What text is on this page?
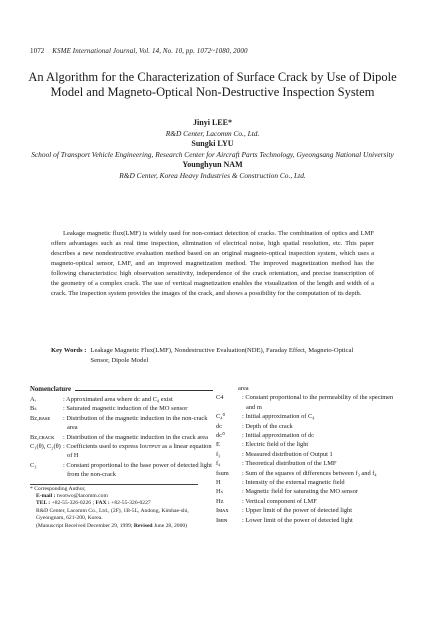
1072 KSME International Journal, Vol. 14, No. 10, pp. 1072~1080, 2000
An Algorithm for the Characterization of Surface Crack by Use of Dipole Model and Magneto-Optical Non-Destructive Inspection System
Jinyi LEE*
R&D Center, Lacomm Co., Ltd.
Sungki LYU
School of Transport Vehicle Engineering, Research Center for Aircraft Parts Technology, Gyeongsang National University
Younghyun NAM
R&D Center, Korea Heavy Industries & Construction Co., Ltd.
Leakage magnetic flux(LMF) is widely used for non-contact detection of cracks. The combination of optics and LMF offers advantages such as real time inspection, elimination of electrical noise, high spatial resolution, etc. This paper describes a new nondestructive evaluation method based on an original magneto-optical inspection system, which uses a magneto-optical sensor, LMF, and an improved magnetization method. The improved magnetization method has the following characteristics: high observation sensitivity, independence of the crack orientation, and precise transcription of the geometry of a complex crack. The use of vertical magnetization enables the visualization of the length and width of a crack. The inspection system provides the images of the crack, and shows a possibility for the computation of its depth.
Key Words : Leakage Magnetic Flux(LMF), Nondestructive Evaluation(NDE), Faraday Effect, Magneto-Optical Sensor, Dipole Model
Nomenclature
Aᵢ	: Approximated area where dᴄ and C₄ exist
Bₛ	: Saturated magnetic induction of the MO sensor
Bᴢ,ʙᴀsᴇ	: Distribution of the magnetic induction in the non-crack area
Bᴢ,ᴄʀᴀᴄᴋ	: Distribution of the magnetic induction in the crack area
C₁(θ), C₂(θ) : Coefficients used to express Iᴏᴜᴛᴘᴜᴛ as a linear equation of H
C₃	: Constant proportional to the base power of detected light from the non-crack
* Corresponding Author,
E-mail : twotwo@lacomm.com
TEL : +82-55-326-0226 ; FAX : +82-55-326-0227
R&D Center, Lacomm Co., Ltd., (2F), 1B-5L, Andong, Kimhae-shi, Gyeongnam, 621-200, Korea.
(Manuscript Received December 29, 1999; Revised June 28, 2000)
area
C4	: Constant proportional to the permeability of the specimen and m
C₄⁰	: Initial approximation of C₄
dᴄ	: Depth of the crack
dᴄ⁰	: Initial approximation of dᴄ
E	: Electric field of the light
f₃	: Measured distribution of Output 1
f₄	: Theoretical distribution of the LMF
fsum	: Sum of the squares of differences between f₃ and f₄
H	: Intensity of the external magnetic field
Hₛ	: Magnetic field for saturating the MO sensor
Hᴢ	: Vertical component of LMF
Iᴍᴀx	: Upper limit of the power of detected light
Iᴍɪɴ	: Lower limit of the power of detected light
